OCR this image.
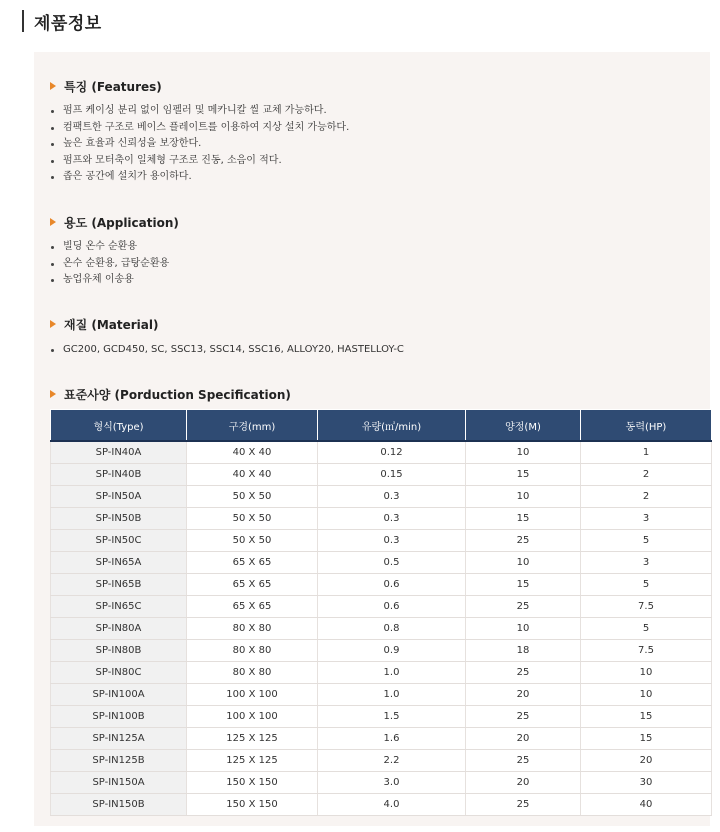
제품정보
특징 (Features)
펌프 케이싱 분리 없이 임펠러 및 메카니칼 씰 교체 가능하다.
컴팩트한 구조로 베이스 플레이트를 이용하여 지상 설치 가능하다.
높은 효율과 신뢰성을 보장한다.
펌프와 모터축이 일체형 구조로 진동, 소음이 적다.
좁은 공간에 설치가 용이하다.
용도 (Application)
빌딩 온수 순환용
온수 순환용, 급탕순환용
농업유체 이송용
재질 (Material)
GC200, GCD450, SC, SSC13, SSC14, SSC16, ALLOY20, HASTELLOY-C
표준사양 (Porduction Specification)
형식(Type)	구경(mm)	유량(㎥/min)	양정(M)	동력(HP)
SP-IN40A	40 X 40	0.12	10	1
SP-IN40B	40 X 40	0.15	15	2
SP-IN50A	50 X 50	0.3	10	2
SP-IN50B	50 X 50	0.3	15	3
SP-IN50C	50 X 50	0.3	25	5
SP-IN65A	65 X 65	0.5	10	3
SP-IN65B	65 X 65	0.6	15	5
SP-IN65C	65 X 65	0.6	25	7.5
SP-IN80A	80 X 80	0.8	10	5
SP-IN80B	80 X 80	0.9	18	7.5
SP-IN80C	80 X 80	1.0	25	10
SP-IN100A	100 X 100	1.0	20	10
SP-IN100B	100 X 100	1.5	25	15
SP-IN125A	125 X 125	1.6	20	15
SP-IN125B	125 X 125	2.2	25	20
SP-IN150A	150 X 150	3.0	20	30
SP-IN150B	150 X 150	4.0	25	40
